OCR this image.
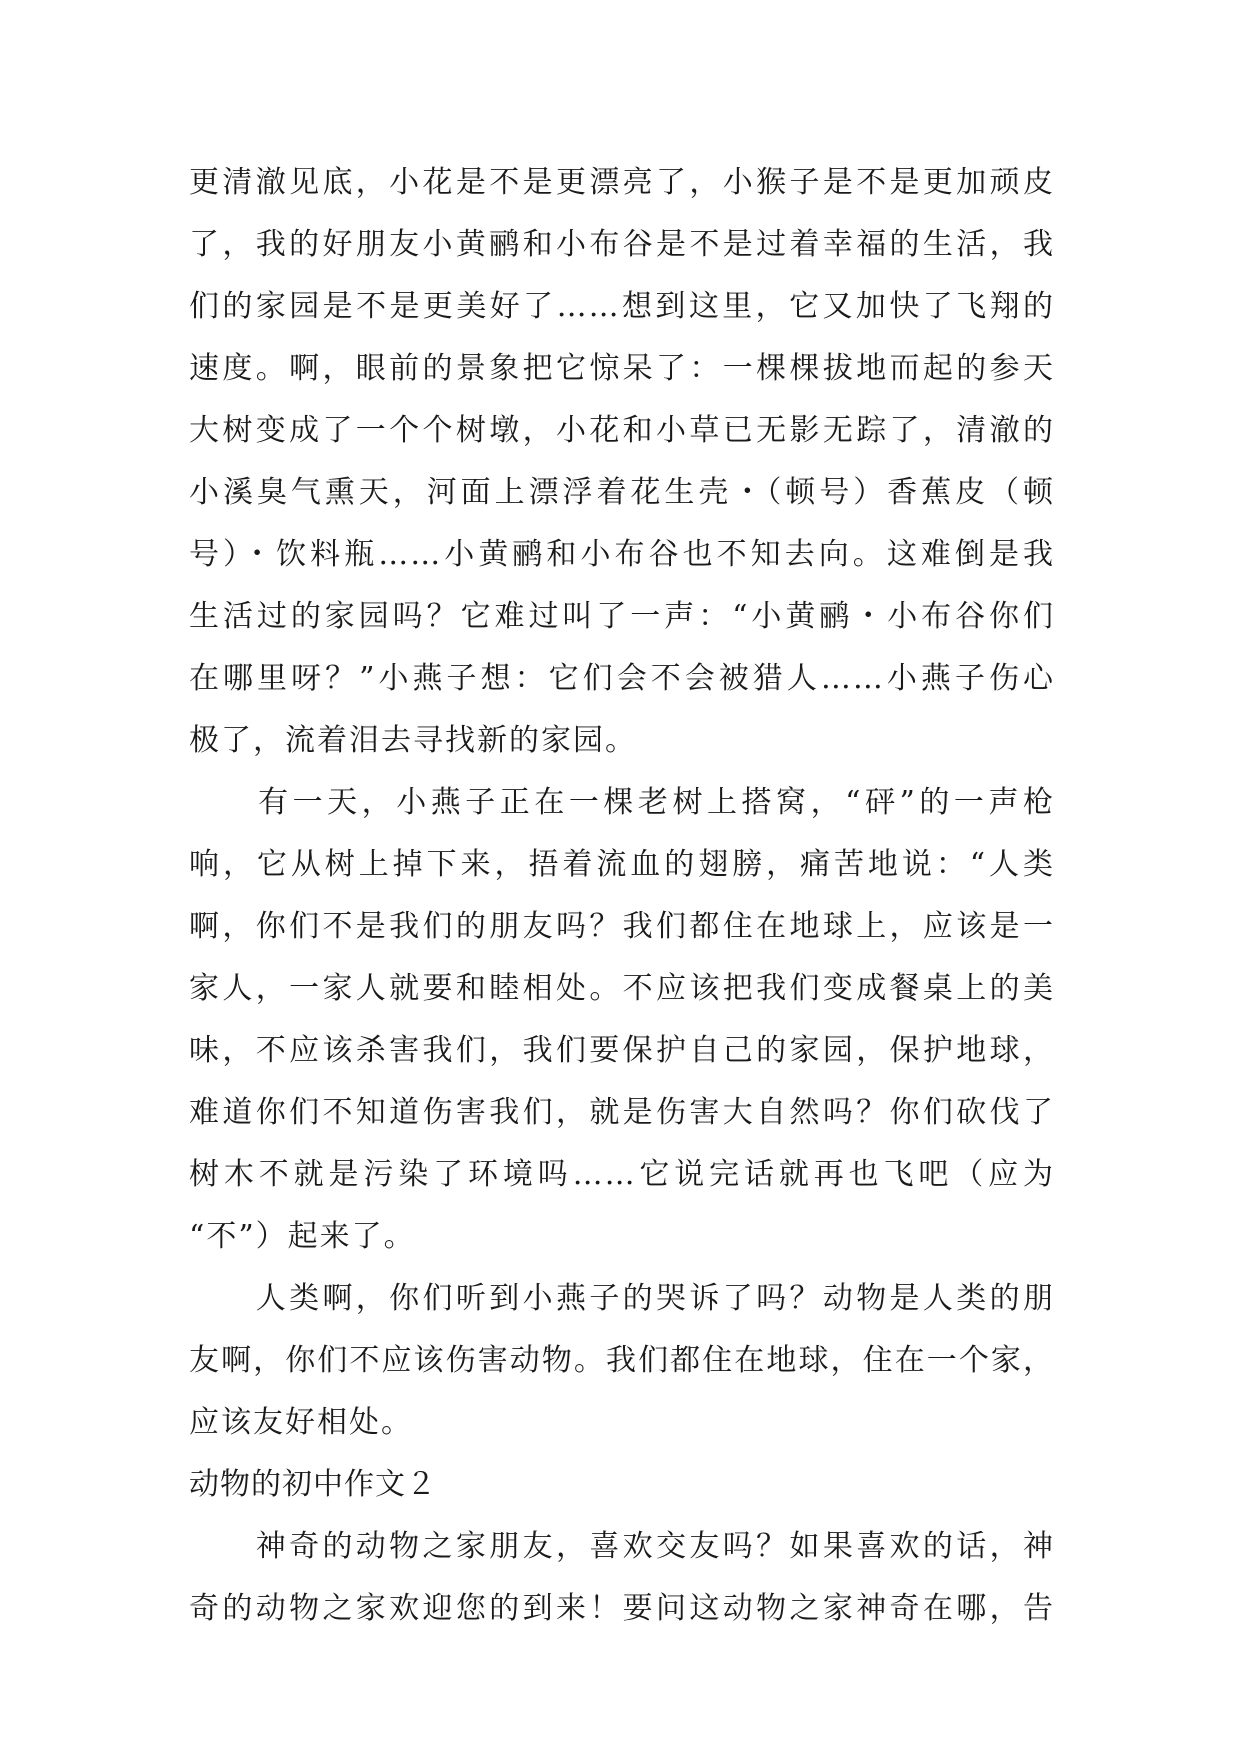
更清澈见底，小花是不是更漂亮了，小猴子是不是更加顽皮
了，我的好朋友小黄鹂和小布谷是不是过着幸福的生活，我
们的家园是不是更美好了……想到这里，它又加快了飞翔的
速度。啊，眼前的景象把它惊呆了：一棵棵拔地而起的参天
大树变成了一个个树墩，小花和小草已无影无踪了，清澈的
小溪臭气熏天，河面上漂浮着花生壳・（顿号）香蕉皮（顿
号）・饮料瓶……小黄鹂和小布谷也不知去向。这难倒是我
生活过的家园吗？它难过叫了一声：“小黄鹂・小布谷你们
在哪里呀？”小燕子想：它们会不会被猎人……小燕子伤心
极了，流着泪去寻找新的家园。
　　有一天，小燕子正在一棵老树上搭窝，“砰”的一声枪
响，它从树上掉下来，捂着流血的翅膀，痛苦地说：“人类
啊，你们不是我们的朋友吗？我们都住在地球上，应该是一
家人，一家人就要和睦相处。不应该把我们变成餐桌上的美
味，不应该杀害我们，我们要保护自己的家园，保护地球，
难道你们不知道伤害我们，就是伤害大自然吗？你们砍伐了
树木不就是污染了环境吗……它说完话就再也飞吧（应为
“不”）起来了。
　　人类啊，你们听到小燕子的哭诉了吗？动物是人类的朋
友啊，你们不应该伤害动物。我们都住在地球，住在一个家，
应该友好相处。
动物的初中作文２
　　神奇的动物之家朋友，喜欢交友吗？如果喜欢的话，神
奇的动物之家欢迎您的到来！要问这动物之家神奇在哪，告
